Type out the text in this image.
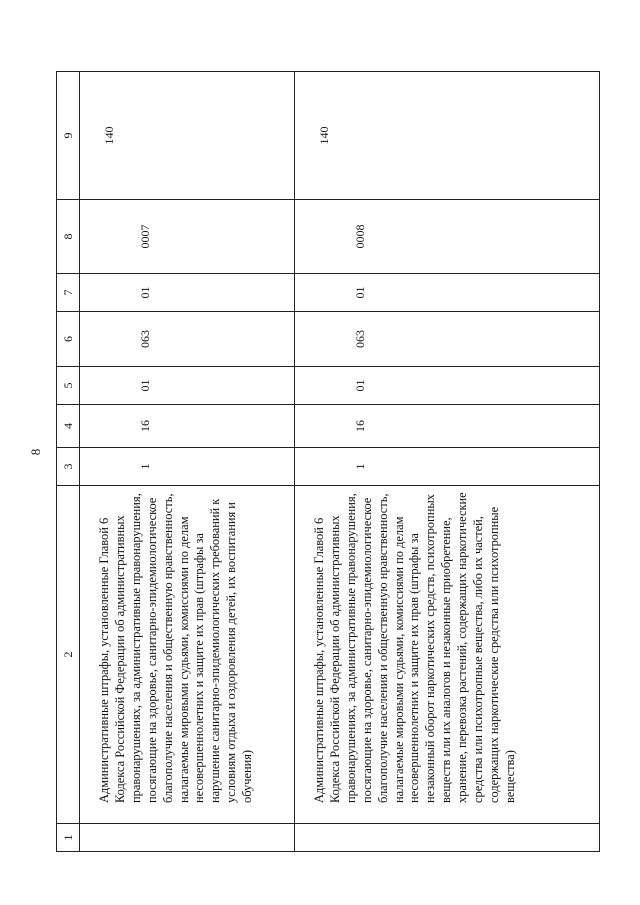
8
1	2	3	4	5	6	7	8	9
	Административные штрафы, установленные Главой 6 Кодекса Российской Федерации об административных правонарушениях, за административные правонарушения, посягающие на здоровье, санитарно-эпидемиологическое благополучие населения и общественную нравственность, налагаемые мировыми судьями, комиссиями по делам несовершеннолетних и защите их прав (штрафы за нарушение санитарно-эпидемиологических требований к условиям отдыха и оздоровления детей, их воспитания и обучения)	1	16	01	063	01	0007	140
	Административные штрафы, установленные Главой 6 Кодекса Российской Федерации об административных правонарушениях, за административные правонарушения, посягающие на здоровье, санитарно-эпидемиологическое благополучие населения и общественную нравственность, налагаемые мировыми судьями, комиссиями по делам несовершеннолетних и защите их прав (штрафы за незаконный оборот наркотических средств, психотропных веществ или их аналогов и незаконные приобретение, хранение, перевозка растений, содержащих наркотические средства или психотропные вещества, либо их частей, содержащих наркотические средства или психотропные вещества)	1	16	01	063	01	0008	140
